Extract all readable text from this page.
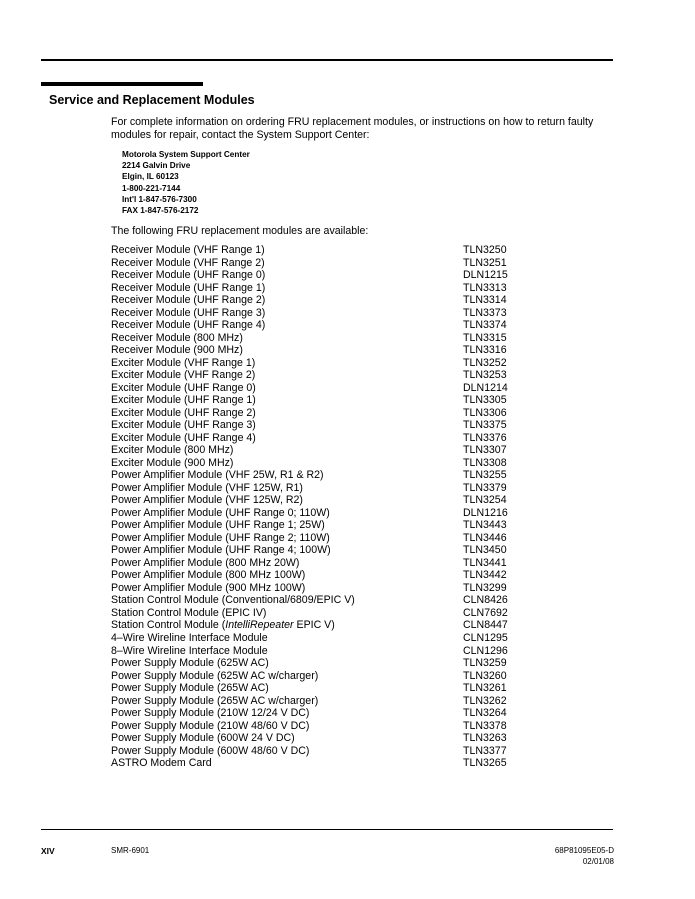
Service and Replacement Modules
For complete information on ordering FRU replacement modules, or instructions on how to return faulty modules for repair, contact the System Support Center:
Motorola System Support Center
2214 Galvin Drive
Elgin, IL 60123
1-800-221-7144
Int'l 1-847-576-7300
FAX 1-847-576-2172
The following FRU replacement modules are available:
Receiver Module (VHF Range 1)	TLN3250
Receiver Module (VHF Range 2)	TLN3251
Receiver Module (UHF Range 0)	DLN1215
Receiver Module (UHF Range 1)	TLN3313
Receiver Module (UHF Range 2)	TLN3314
Receiver Module (UHF Range 3)	TLN3373
Receiver Module (UHF Range 4)	TLN3374
Receiver Module (800 MHz)	TLN3315
Receiver Module (900 MHz)	TLN3316
Exciter Module (VHF Range 1)	TLN3252
Exciter Module (VHF Range 2)	TLN3253
Exciter Module (UHF Range 0)	DLN1214
Exciter Module (UHF Range 1)	TLN3305
Exciter Module (UHF Range 2)	TLN3306
Exciter Module (UHF Range 3)	TLN3375
Exciter Module (UHF Range 4)	TLN3376
Exciter Module (800 MHz)	TLN3307
Exciter Module (900 MHz)	TLN3308
Power Amplifier Module (VHF 25W, R1 & R2)	TLN3255
Power Amplifier Module (VHF 125W, R1)	TLN3379
Power Amplifier Module (VHF 125W, R2)	TLN3254
Power Amplifier Module (UHF Range 0; 110W)	DLN1216
Power Amplifier Module (UHF Range 1; 25W)	TLN3443
Power Amplifier Module (UHF Range 2; 110W)	TLN3446
Power Amplifier Module (UHF Range 4; 100W)	TLN3450
Power Amplifier Module (800 MHz 20W)	TLN3441
Power Amplifier Module (800 MHz 100W)	TLN3442
Power Amplifier Module (900 MHz 100W)	TLN3299
Station Control Module (Conventional/6809/EPIC V)	CLN8426
Station Control Module (EPIC IV)	CLN7692
Station Control Module (IntelliRepeater EPIC V)	CLN8447
4–Wire Wireline Interface Module	CLN1295
8–Wire Wireline Interface Module	CLN1296
Power Supply Module (625W AC)	TLN3259
Power Supply Module (625W AC w/charger)	TLN3260
Power Supply Module (265W AC)	TLN3261
Power Supply Module (265W AC w/charger)	TLN3262
Power Supply Module (210W 12/24 V DC)	TLN3264
Power Supply Module (210W 48/60 V DC)	TLN3378
Power Supply Module (600W 24 V DC)	TLN3263
Power Supply Module (600W 48/60 V DC)	TLN3377
ASTRO Modem Card	TLN3265
XIV	SMR-6901	68P81095E05-D
02/01/08
